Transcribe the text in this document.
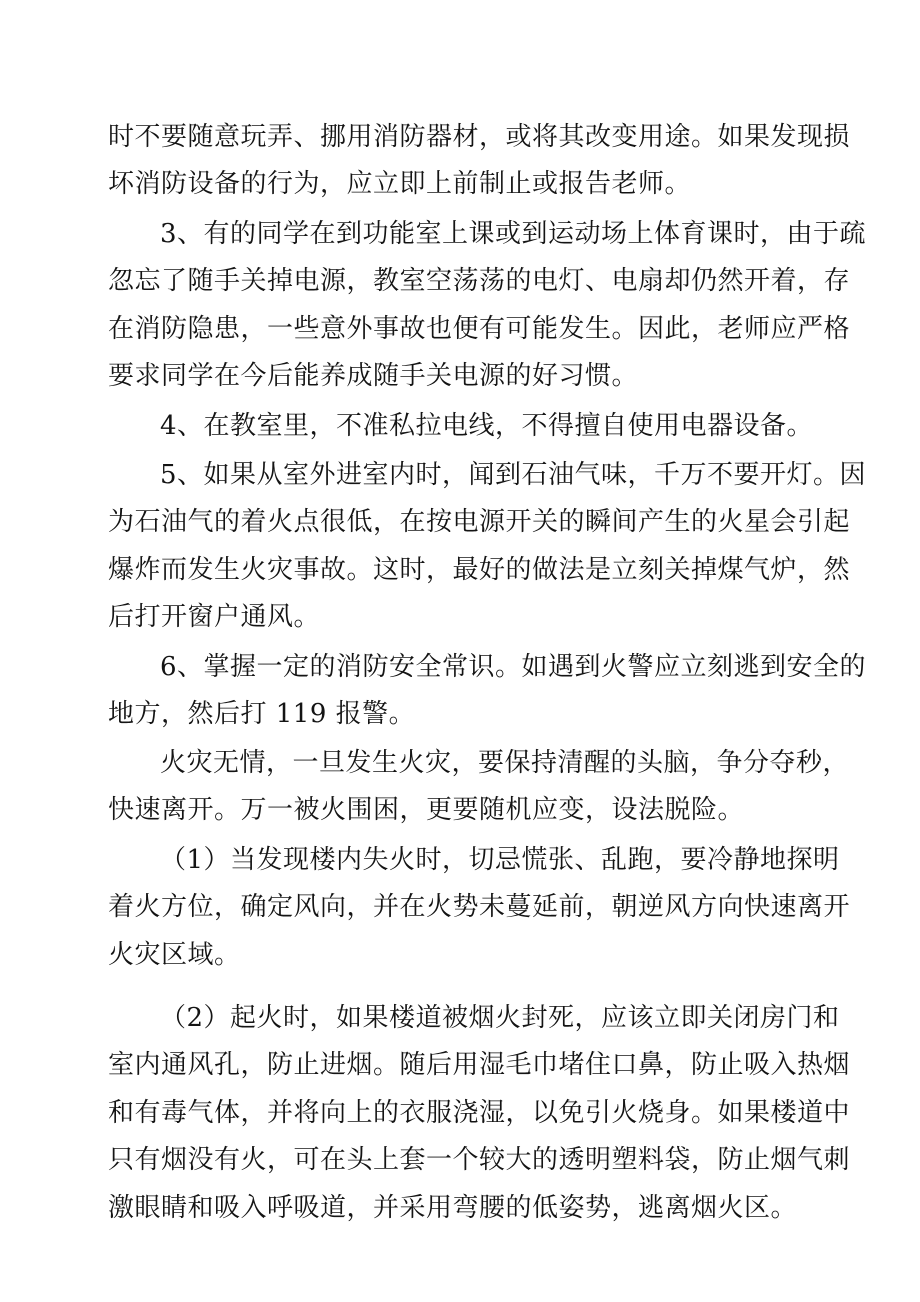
时不要随意玩弄、挪用消防器材，或将其改变用途。如果发现损
坏消防设备的行为，应立即上前制止或报告老师。
3、有的同学在到功能室上课或到运动场上体育课时，由于疏
忽忘了随手关掉电源，教室空荡荡的电灯、电扇却仍然开着，存
在消防隐患，一些意外事故也便有可能发生。因此，老师应严格
要求同学在今后能养成随手关电源的好习惯。
4、在教室里，不准私拉电线，不得擅自使用电器设备。
5、如果从室外进室内时，闻到石油气味，千万不要开灯。因
为石油气的着火点很低，在按电源开关的瞬间产生的火星会引起
爆炸而发生火灾事故。这时，最好的做法是立刻关掉煤气炉，然
后打开窗户通风。
6、掌握一定的消防安全常识。如遇到火警应立刻逃到安全的
地方，然后打 119 报警。
火灾无情，一旦发生火灾，要保持清醒的头脑，争分夺秒，
快速离开。万一被火围困，更要随机应变，设法脱险。
（1）当发现楼内失火时，切忌慌张、乱跑，要冷静地探明
着火方位，确定风向，并在火势未蔓延前，朝逆风方向快速离开
火灾区域。
（2）起火时，如果楼道被烟火封死，应该立即关闭房门和
室内通风孔，防止进烟。随后用湿毛巾堵住口鼻，防止吸入热烟
和有毒气体，并将向上的衣服浇湿，以免引火烧身。如果楼道中
只有烟没有火，可在头上套一个较大的透明塑料袋，防止烟气刺
激眼睛和吸入呼吸道，并采用弯腰的低姿势，逃离烟火区。
